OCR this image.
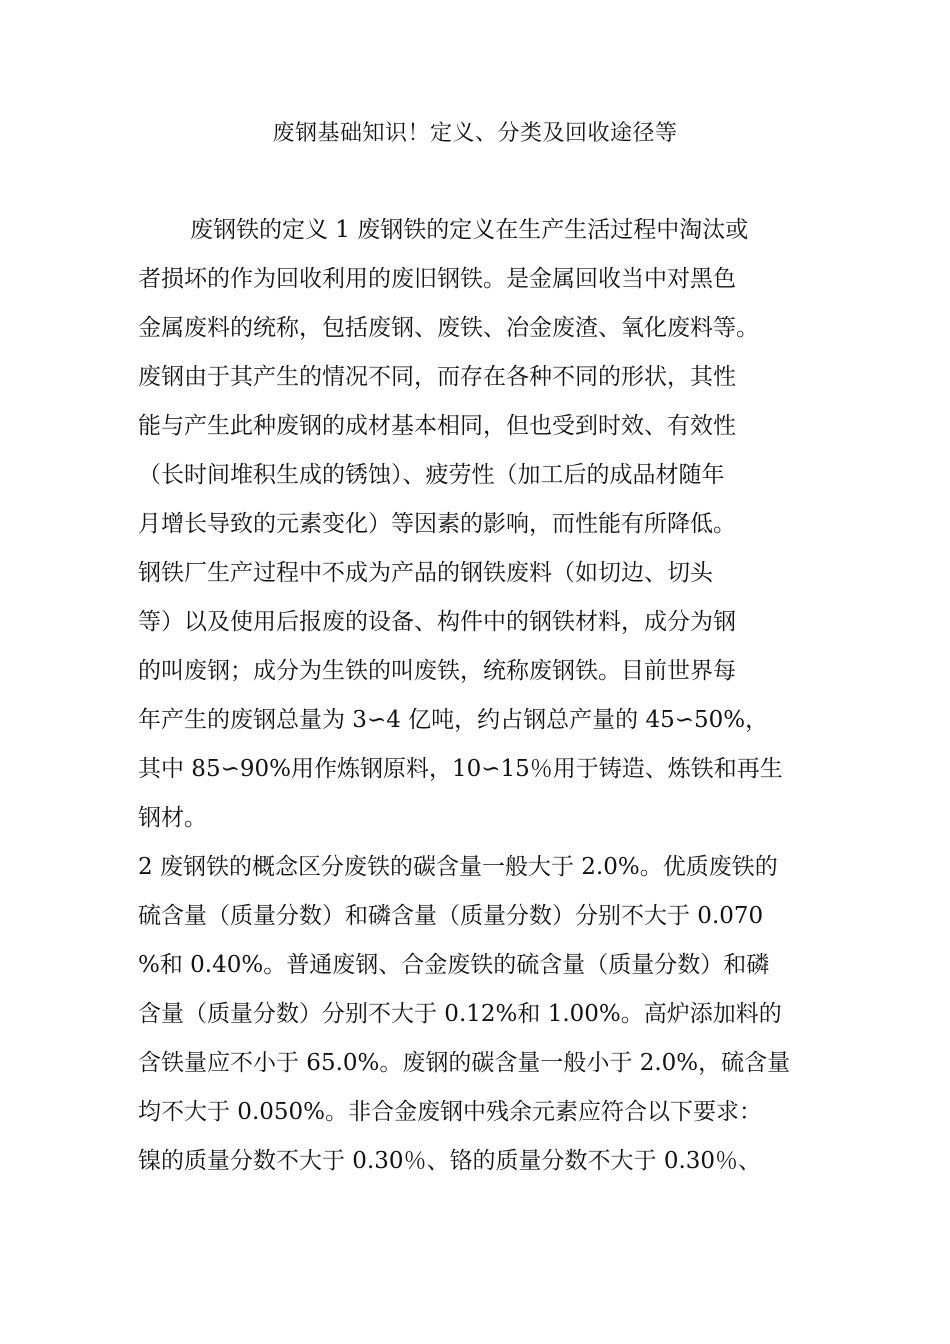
废钢基础知识！定义、分类及回收途径等
废钢铁的定义 1 废钢铁的定义在生产生活过程中淘汰或
者损坏的作为回收利用的废旧钢铁。是金属回收当中对黑色
金属废料的统称，包括废钢、废铁、冶金废渣、氧化废料等。
废钢由于其产生的情况不同，而存在各种不同的形状，其性
能与产生此种废钢的成材基本相同，但也受到时效、有效性
（长时间堆积生成的锈蚀）、疲劳性（加工后的成品材随年
月增长导致的元素变化）等因素的影响，而性能有所降低。
钢铁厂生产过程中不成为产品的钢铁废料（如切边、切头
等）以及使用后报废的设备、构件中的钢铁材料，成分为钢
的叫废钢；成分为生铁的叫废铁，统称废钢铁。目前世界每
年产生的废钢总量为 3∽4 亿吨，约占钢总产量的 45∽50%，
其中 85∽90%用作炼钢原料，10∽15％用于铸造、炼铁和再生
钢材。
2 废钢铁的概念区分废铁的碳含量一般大于 2.0%。优质废铁的
硫含量（质量分数）和磷含量（质量分数）分别不大于 0.070
%和 0.40%。普通废钢、合金废铁的硫含量（质量分数）和磷
含量（质量分数）分别不大于 0.12%和 1.00%。高炉添加料的
含铁量应不小于 65.0%。废钢的碳含量一般小于 2.0%，硫含量
均不大于 0.050%。非合金废钢中残余元素应符合以下要求：
镍的质量分数不大于 0.30％、铬的质量分数不大于 0.30％、
